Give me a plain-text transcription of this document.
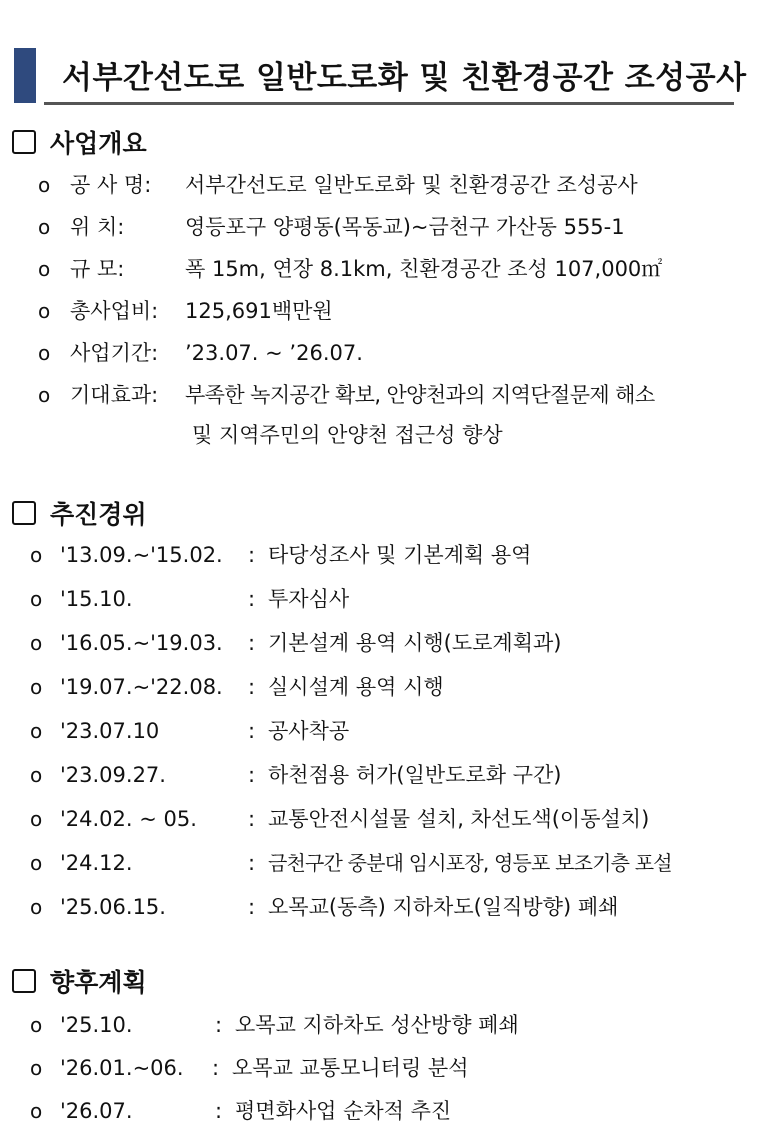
서부간선도로 일반도로화 및 친환경공간 조성공사
사업개요
o 공 사 명: 서부간선도로 일반도로화 및 친환경공간 조성공사
o 위 치:	영등포구 양평동(목동교)~금천구 가산동 555-1
o 규 모:	폭 15m, 연장 8.1km, 친환경공간 조성 107,000㎡
o 총사업비: 125,691백만원
o 사업기간: ’23.07. ~ ’26.07.
o 기대효과: 부족한 녹지공간 확보, 안양천과의 지역단절문제 해소
및 지역주민의 안양천 접근성 향상
추진경위
o '13.09.~'15.02. : 타당성조사 및 기본계획 용역
o '15.10.	: 투자심사
o '16.05.~'19.03. : 기본설계 용역 시행(도로계획과)
o '19.07.~'22.08. : 실시설계 용역 시행
o '23.07.10	: 공사착공
o '23.09.27.	: 하천점용 허가(일반도로화 구간)
o '24.02. ~ 05. : 교통안전시설물 설치, 차선도색(이동설치)
o '24.12.	: 금천구간 중분대 임시포장, 영등포 보조기층 포설
o '25.06.15.	: 오목교(동측) 지하차도(일직방향) 폐쇄
향후계획
o '25.10.	: 오목교 지하차도 성산방향 폐쇄
o '26.01.~06. : 오목교 교통모니터링 분석
o '26.07.	: 평면화사업 순차적 추진
